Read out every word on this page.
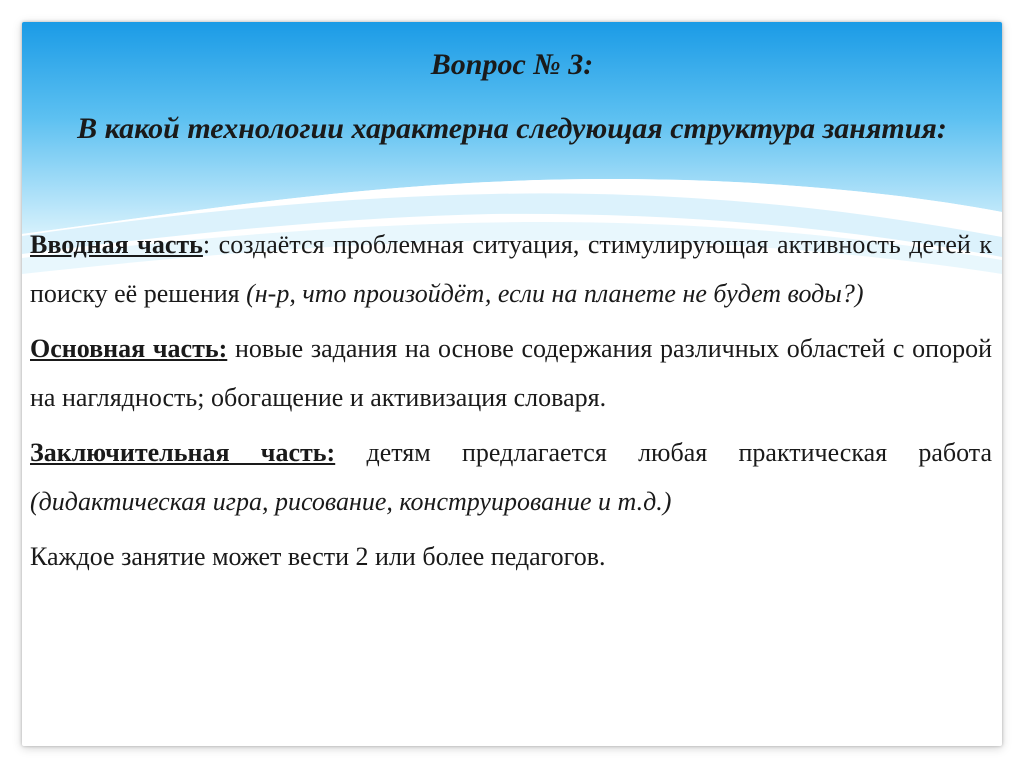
Вопрос № 3:

В какой технологии характерна следующая структура занятия:

Вводная часть: создаётся проблемная ситуация, стимулирующая активность детей к поиску её решения (н-р, что произойдёт, если на планете не будет воды?)

Основная часть: новые задания на основе содержания различных областей с опорой на наглядность; обогащение и активизация словаря.

Заключительная часть: детям предлагается любая практическая работа (дидактическая игра, рисование, конструирование и т.д.)

Каждое занятие может вести 2 или более педагогов.
